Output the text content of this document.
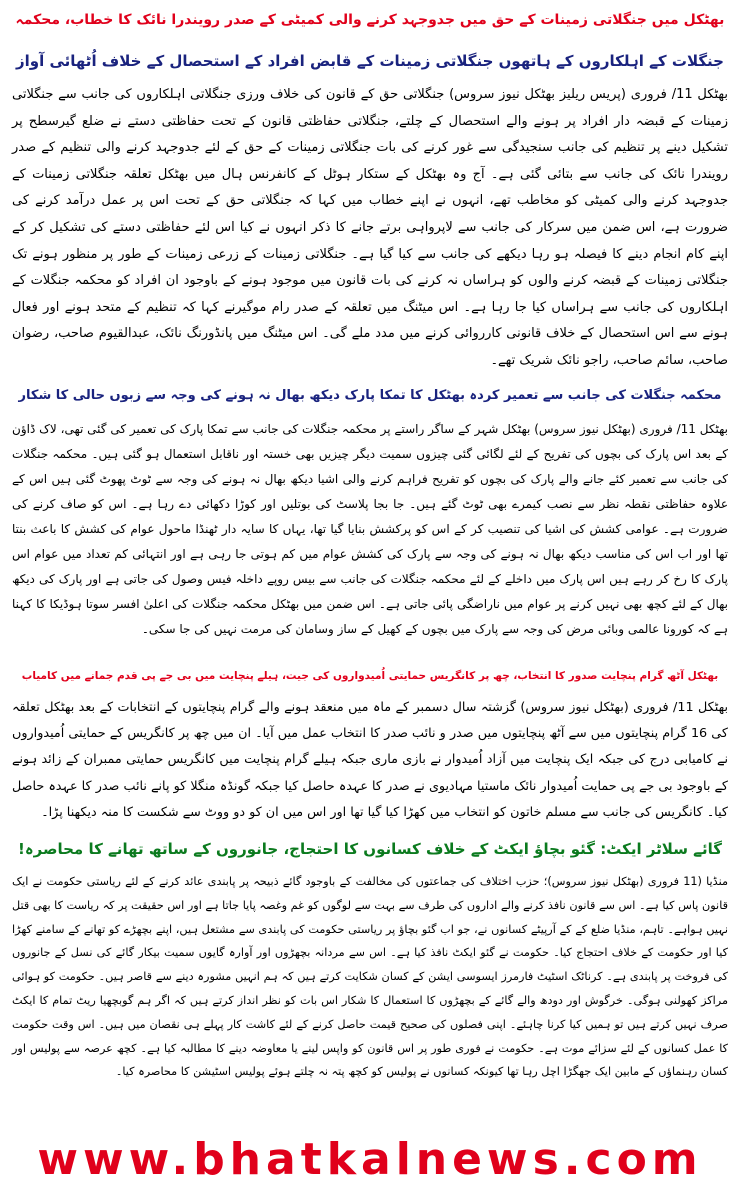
بھٹکل میں جنگلاتی زمینات کے حق میں جدوجہد کرنے والی کمیٹی کے صدر رویندرا نائک کا خطاب، محکمہ
جنگلات کے اہلکاروں کے ہاتھوں جنگلاتی زمینات کے قابض افراد کے استحصال کے خلاف اُٹھائی آواز

بھٹکل 11/ فروری (پریس ریلیز بھٹکل نیوز سروس) جنگلاتی حق کے قانون کی خلاف ورزی جنگلاتی اہلکاروں کی جانب سے جنگلاتی زمینات کے قبضہ دار افراد پر ہونے والے استحصال کے چلتے، جنگلاتی حفاظتی قانون کے تحت حفاظتی دستے نے ضلع گیرسطح پر تشکیل دینے پر تنظیم کی جانب سنجیدگی سے غور کرنے کی بات جنگلاتی زمینات کے حق کے لئے جدوجہد کرنے والی تنظیم کے صدر رویندرا نائک کی جانب سے بتائی گئی ہے۔ آج وہ بھٹکل کے ستکار ہوٹل کے کانفرنس ہال میں بھٹکل تعلقہ جنگلاتی زمینات کے جدوجہد کرنے والی کمیٹی کو مخاطب تھے، انہوں نے اپنے خطاب میں کہا کہ جنگلاتی حق کے تحت اس پر عمل درآمد کرنے کی ضرورت ہے، اس ضمن میں سرکار کی جانب سے لاپرواہی برتے جانے کا ذکر انہوں نے کیا اس لئے حفاظتی دستے کی تشکیل کر کے اپنے کام انجام دینے کا فیصلہ ہو رہا دیکھے کی جانب سے کیا گیا ہے۔ جنگلاتی زمینات کے زرعی زمینات کے طور پر منظور ہونے تک جنگلاتی زمینات کے قبضہ کرنے والوں کو ہراساں نہ کرنے کی بات قانون میں موجود ہونے کے باوجود ان افراد کو محکمہ جنگلات کے اہلکاروں کی جانب سے ہراساں کیا جا رہا ہے۔ اس میٹنگ میں تعلقہ کے صدر رام موگیرنے کہا کہ تنظیم کے متحد ہونے اور فعال ہونے سے اس استحصال کے خلاف قانونی کارروائی کرنے میں مدد ملے گی۔ اس میٹنگ میں پانڈورنگ نائک، عبدالقیوم صاحب، رضوان صاحب، سائم صاحب، راجو نائک شریک تھے۔

محکمہ جنگلات کی جانب سے تعمیر کردہ بھٹکل کا تمکا پارک دیکھ بھال نہ ہونے کی وجہ سے زبوں حالی کا شکار

بھٹکل 11/ فروری (بھٹکل نیوز سروس) بھٹکل شہر کے ساگر راستے پر محکمہ جنگلات کی جانب سے تمکا پارک کی تعمیر کی گئی تھی، لاک ڈاؤن کے بعد اس پارک کی بچوں کی تفریح کے لئے لگائی گئی چیزوں سمیت دیگر چیزیں بھی خستہ اور ناقابل استعمال ہو گئی ہیں۔ محکمہ جنگلات کی جانب سے تعمیر کئے جانے والے پارک کی بچوں کو تفریح فراہم کرنے والی اشیا دیکھ بھال نہ ہونے کی وجہ سے ٹوٹ پھوٹ گئی ہیں اس کے علاوہ حفاظتی نقطہ نظر سے نصب کیمرے بھی ٹوٹ گئے ہیں۔ جا بجا پلاسٹ کی بوتلیں اور کوڑا دکھائی دے رہا ہے۔ اس کو صاف کرنے کی ضرورت ہے۔ عوامی کشش کی اشیا کی تنصیب کر کے اس کو پرکشش بنایا گیا تھا، یہاں کا سایہ دار ٹھنڈا ماحول عوام کی کشش کا باعث بنتا تھا اور اب اس کی مناسب دیکھ بھال نہ ہونے کی وجہ سے پارک کی کشش عوام میں کم ہوتی جا رہی ہے اور انتہائی کم تعداد میں عوام اس پارک کا رخ کر رہے ہیں اس پارک میں داخلے کے لئے محکمہ جنگلات کی جانب سے بیس روپے داخلہ فیس وصول کی جاتی ہے اور پارک کی دیکھ بھال کے لئے کچھ بھی نہیں کرنے پر عوام میں ناراضگی پائی جاتی ہے۔ اس ضمن میں بھٹکل محکمہ جنگلات کی اعلیٰ افسر سوتا ہوڈیکا کا کہنا ہے کہ کورونا عالمی وبائی مرض کی وجہ سے پارک میں بچوں کے کھیل کے ساز وسامان کی مرمت نہیں کی جا سکی۔

بھٹکل آٹھ گرام پنچایت صدور کا انتخاب، چھ پر کانگریس حمایتی اُمیدواروں کی جیت، ہیلے پنچایت میں بی جے پی قدم جمانے میں کامیاب

بھٹکل 11/ فروری (بھٹکل نیوز سروس) گزشتہ سال دسمبر کے ماہ میں منعقد ہونے والے گرام پنچایتوں کے انتخابات کے بعد بھٹکل تعلقہ کی 16 گرام پنچایتوں میں سے آٹھ پنچایتوں میں صدر و نائب صدر کا انتخاب عمل میں آیا۔ ان میں چھ پر کانگریس کے حمایتی اُمیدواروں نے کامیابی درج کی جبکہ ایک پنچایت میں آزاد اُمیدوار نے بازی ماری جبکہ ہیلے گرام پنچایت میں کانگریس حمایتی ممبران کے زائد ہونے کے باوجود بی جے پی حمایت اُمیدوار نائک ماستیا مہادیوی نے صدر کا عہدہ حاصل کیا جبکہ گونڈہ منگلا کو پانے نائب صدر کا عہدہ حاصل کیا۔ کانگریس کی جانب سے مسلم خاتون کو انتخاب میں کھڑا کیا گیا تھا اور اس میں ان کو دو ووٹ سے شکست کا منہ دیکھنا پڑا۔

گائے سلاٹر ایکٹ: گئو بچاؤ ایکٹ کے خلاف کسانوں کا احتجاج، جانوروں کے ساتھ تھانے کا محاصرہ!

منڈیا (11 فروری (بھٹکل نیوز سروس)؛ حزب اختلاف کی جماعتوں کی مخالفت کے باوجود گائے ذبیحہ پر پابندی عائد کرنے کے لئے ریاستی حکومت نے ایک قانون پاس کیا ہے۔ اس سے قانون نافذ کرنے والے اداروں کی طرف سے بہت سے لوگوں کو غم وغصہ پایا جاتا ہے اور اس حقیقت پر کہ ریاست کا بھی قتل نہیں ہواہے۔ تاہم، منڈیا ضلع کے کے آرپیٹے کسانوں نے، جو اب گئو بچاؤ پر ریاستی حکومت کی پابندی سے مشتعل ہیں، اپنے بچھڑے کو تھانے کے سامنے کھڑا کیا اور حکومت کے خلاف احتجاج کیا۔ حکومت نے گئو ایکٹ نافذ کیا ہے۔ اس سے مردانہ بچھڑوں اور آوارہ گایوں سمیت بیکار گائے کی نسل کے جانوروں کی فروخت پر پابندی ہے۔ کرناٹک اسٹیٹ فارمرز ایسوسی ایشن کے کسان شکایت کرتے ہیں کہ ہم انہیں مشورہ دینے سے قاصر ہیں۔ حکومت کو ہوائی مراکز کھولنی ہوگی۔ خرگوش اور دودھ والے گائے کے بچھڑوں کا استعمال کا شکار اس بات کو نظر انداز کرتے ہیں کہ اگر ہم گوبچھیا ریٹ تمام کا ایکٹ صرف نہیں کرتے ہیں تو ہمیں کیا کرنا چاہئے۔ اپنی فصلوں کی صحیح قیمت حاصل کرنے کے لئے کاشت کار پہلے ہی نقصان میں ہیں۔ اس وقت حکومت کا عمل کسانوں کے لئے سزائے موت ہے۔ حکومت نے فوری طور پر اس قانون کو واپس لینے یا معاوضہ دینے کا مطالبہ کیا ہے۔ کچھ عرصہ سے پولیس اور کسان رہنماؤں کے مابین ایک جھگڑا اچل رہا تھا کیونکہ کسانوں نے پولیس کو کچھ پتہ نہ چلتے ہوئے پولیس اسٹیشن کا محاصرہ کیا۔

www.bhatkalnews.com
